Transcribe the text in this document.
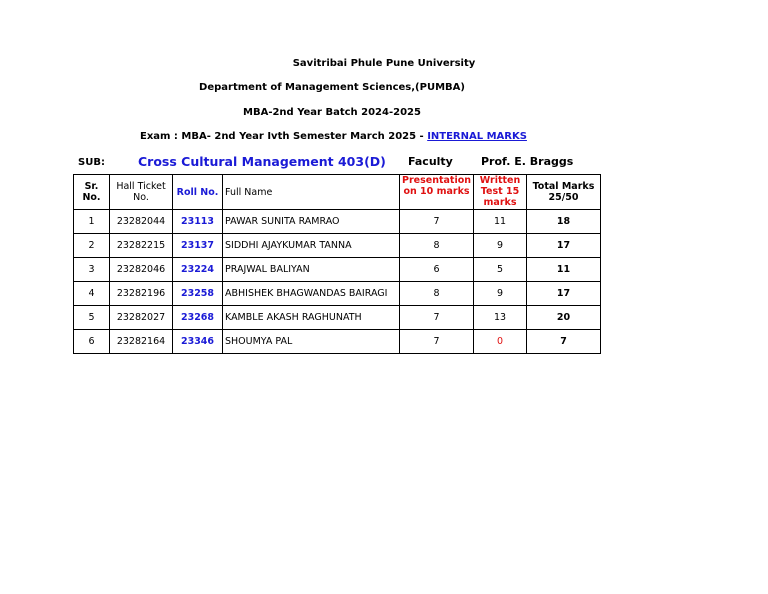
Savitribai Phule Pune University
Department of Management Sciences,(PUMBA)
MBA-2nd Year Batch 2024-2025
Exam : MBA- 2nd Year Ivth Semester March 2025 - INTERNAL MARKS
SUB:	Cross Cultural Management 403(D) Faculty	Prof. E. Braggs
Sr. No.	Hall Ticket No.	Roll No.	Full Name	Presentation on 10 marks	Written Test 15 marks	Total Marks 25/50
1	23282044	23113	PAWAR SUNITA RAMRAO	7	11	18
2	23282215	23137	SIDDHI AJAYKUMAR TANNA	8	9	17
3	23282046	23224	PRAJWAL BALIYAN	6	5	11
4	23282196	23258	ABHISHEK BHAGWANDAS BAIRAGI	8	9	17
5	23282027	23268	KAMBLE AKASH RAGHUNATH	7	13	20
6	23282164	23346	SHOUMYA PAL	7	0	7
